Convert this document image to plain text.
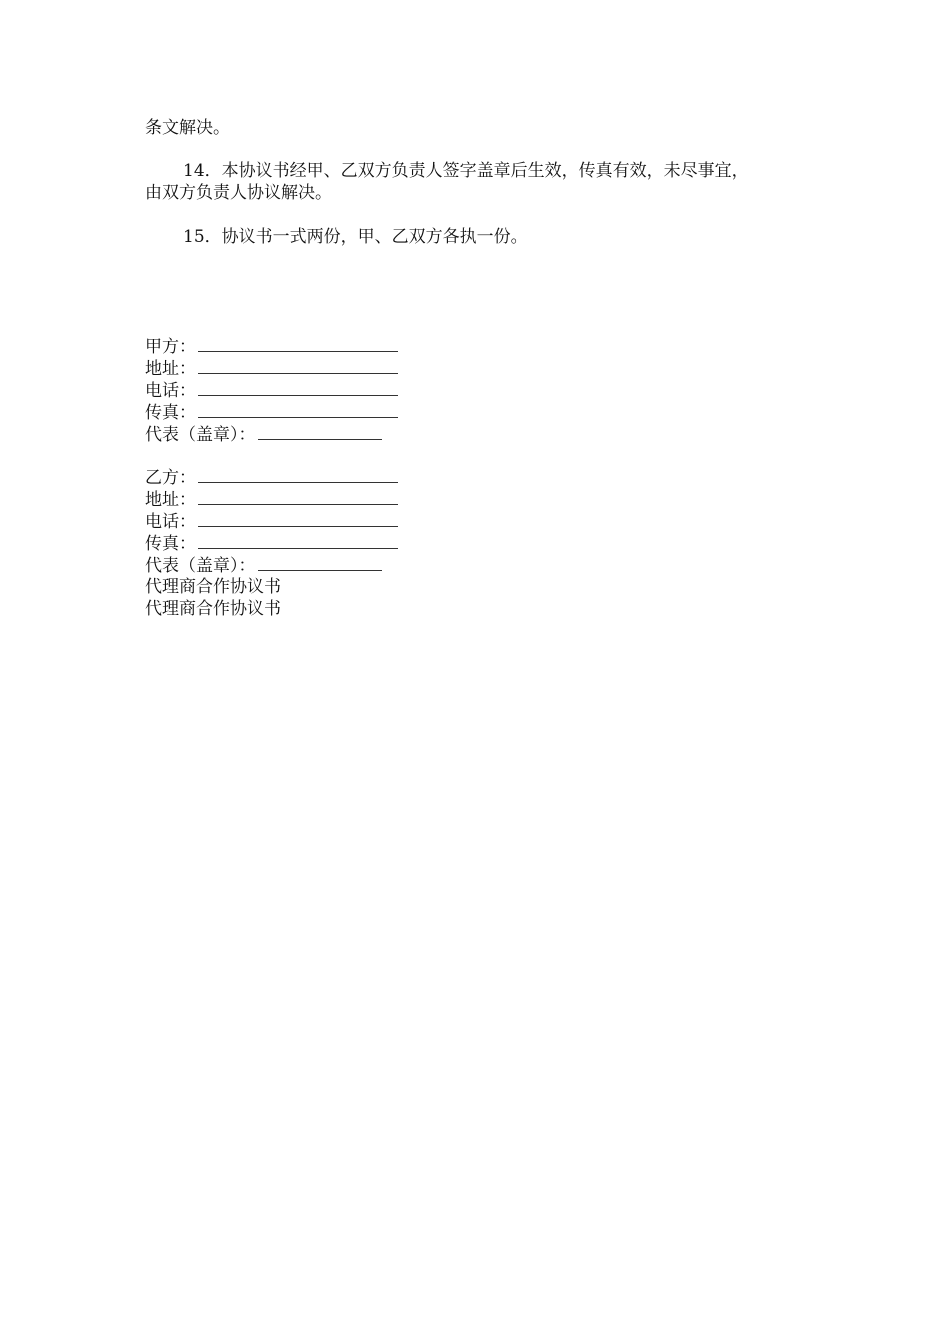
条文解决。
14．本协议书经甲、乙双方负责人签字盖章后生效，传真有效，未尽事宜，
由双方负责人协议解决。
15．协议书一式两份，甲、乙双方各执一份。
甲方：
地址：
电话：
传真：
代表（盖章）：
乙方：
地址：
电话：
传真：
代表（盖章）：
代理商合作协议书
代理商合作协议书
